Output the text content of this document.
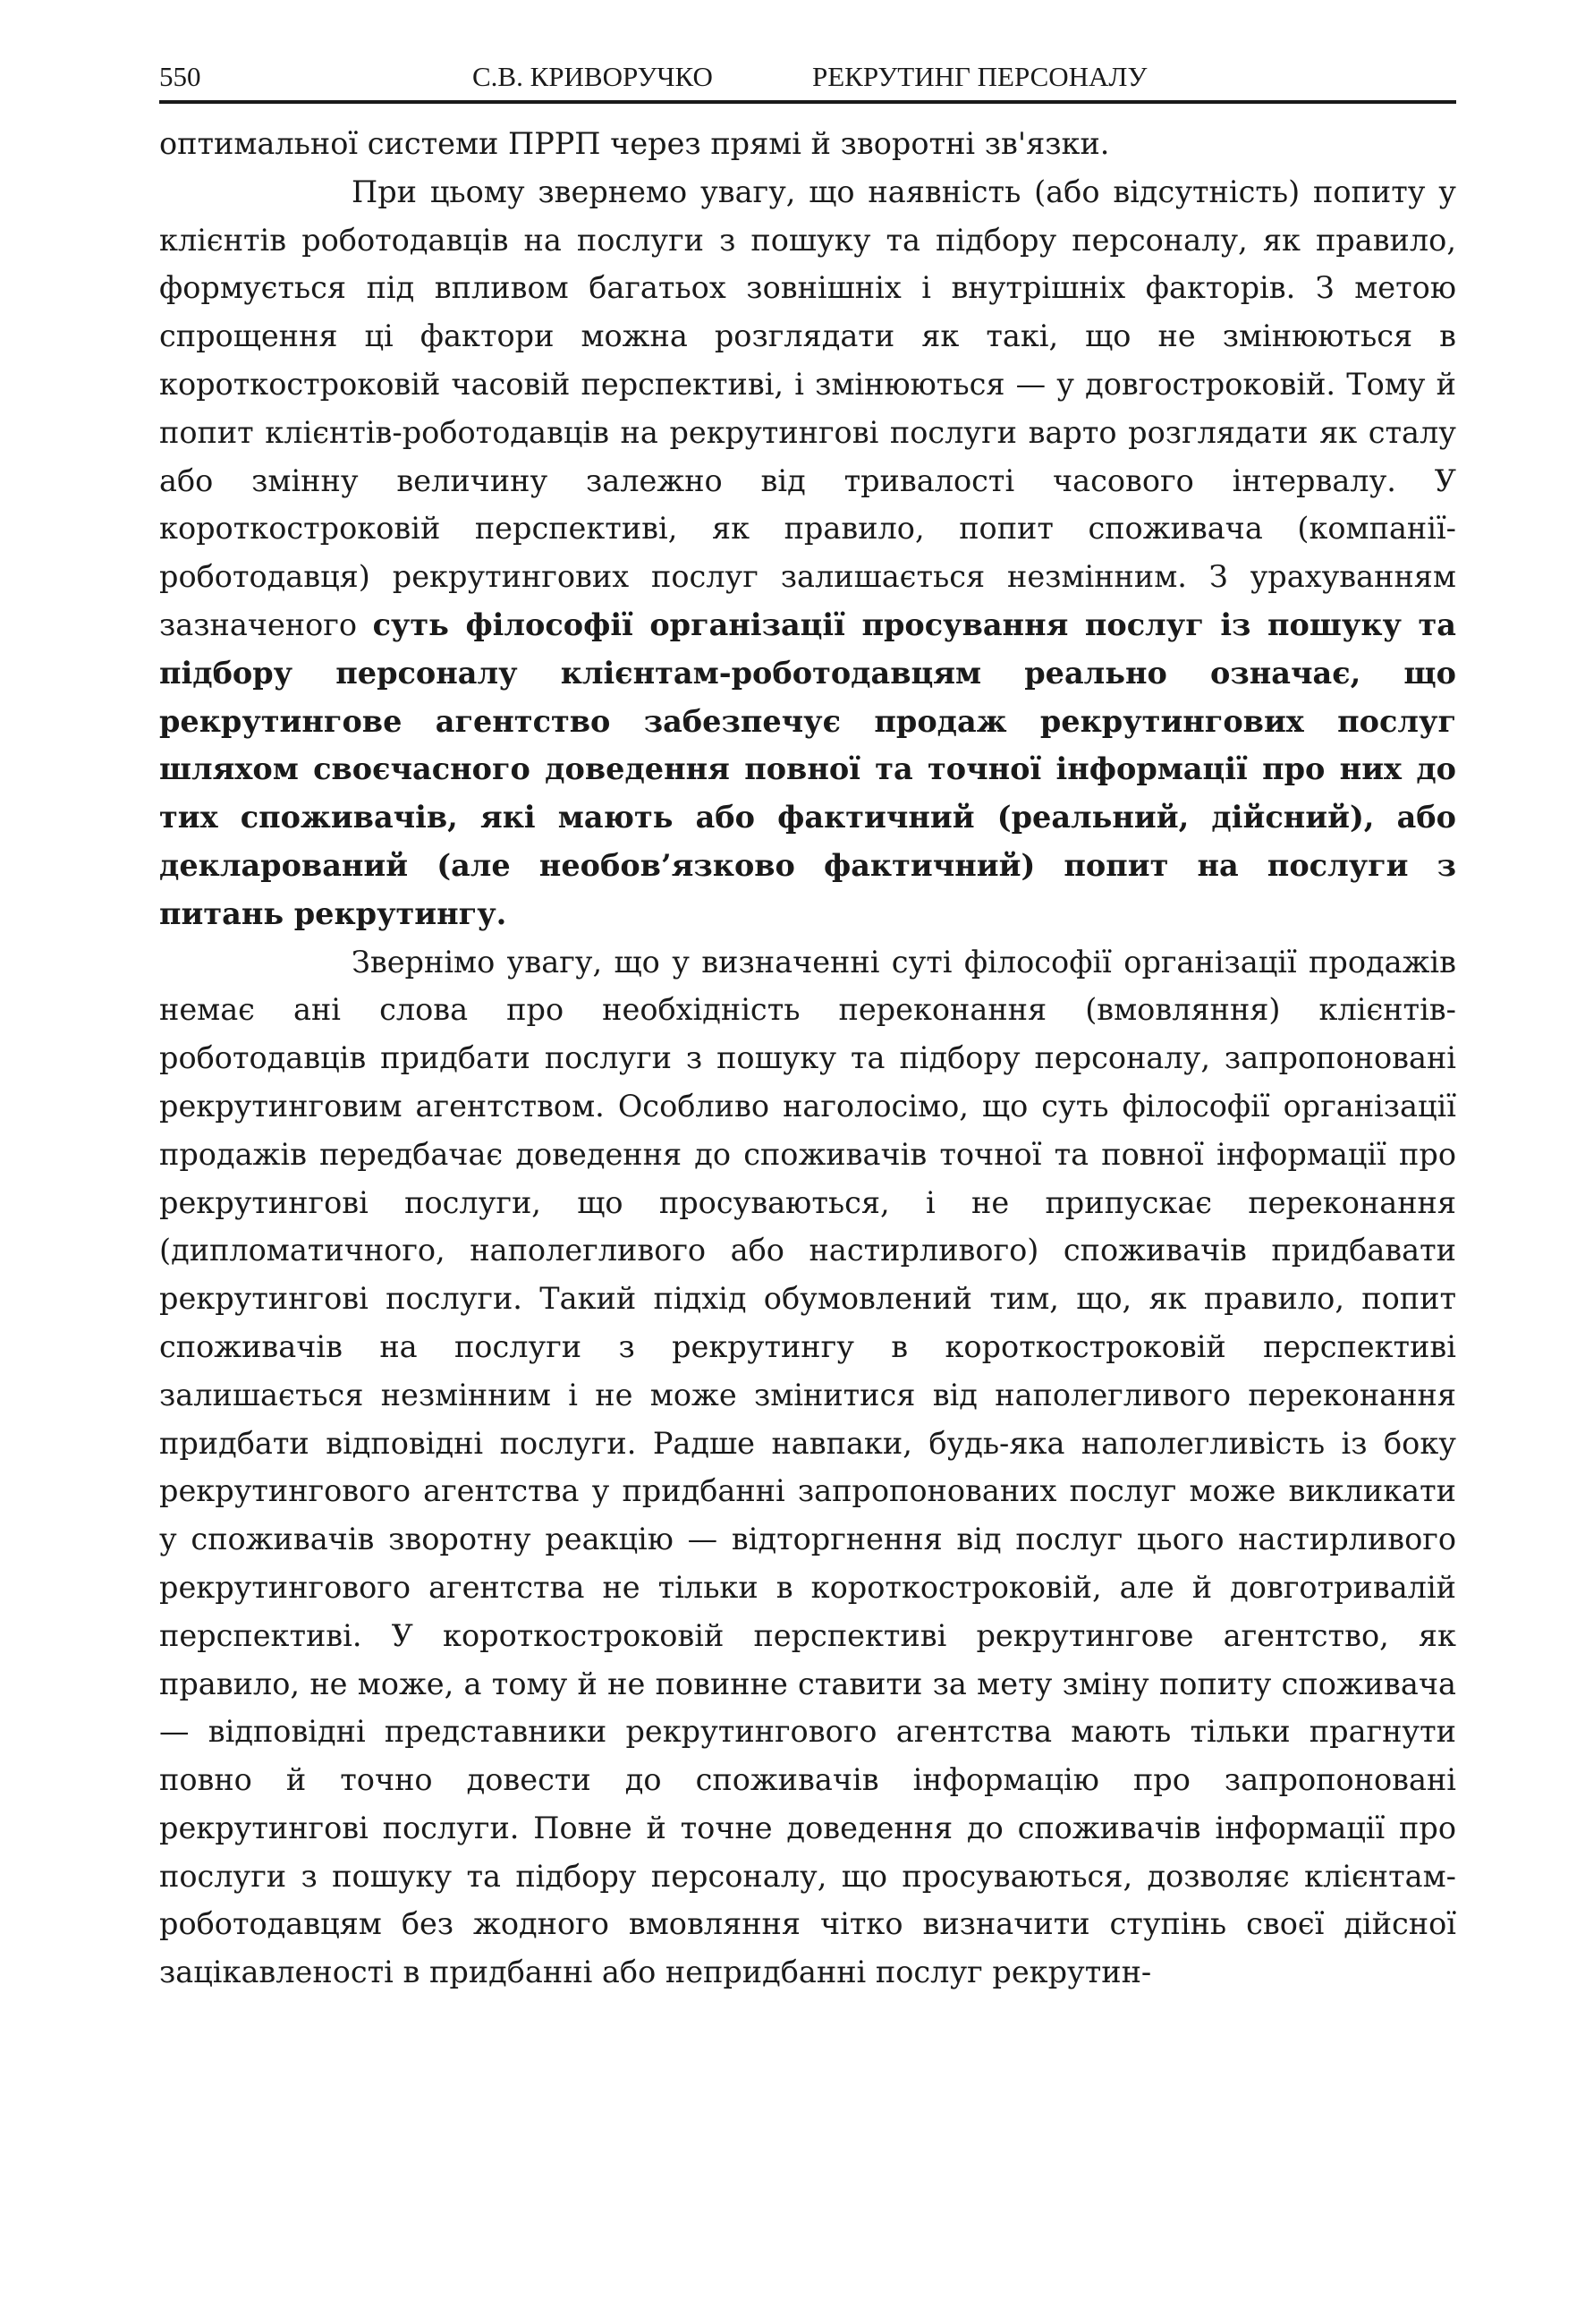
550	С.В. КРИВОРУЧКО	РЕКРУТИНГ ПЕРСОНАЛУ

оптимальної системи ПРРП через прямі й зворотні зв'язки.

При цьому звернемо увагу, що наявність (або відсутність) попиту у клієнтів роботодавців на послуги з пошуку та підбору персоналу, як правило, формується під впливом багатьох зовнішніх і внутрішніх факторів. З метою спрощення ці фактори можна розглядати як такі, що не змінюються в короткостроковій часовій перспективі, і змінюються — у довгостроковій. Тому й попит клієнтів-роботодавців на рекрутингові послуги варто розглядати як сталу або змінну величину залежно від тривалості часового інтервалу. У короткостроковій перспективі, як правило, попит споживача (компанії-роботодавця) рекрутингових послуг залишається незмінним. З урахуванням зазначеного суть філософії організації просування послуг із пошуку та підбору персоналу клієнтам-роботодавцям реально означає, що рекрутингове агентство забезпечує продаж рекрутингових послуг шляхом своєчасного доведення повної та точної інформації про них до тих споживачів, які мають або фактичний (реальний, дійсний), або декларований (але необов’язково фактичний) попит на послуги з питань рекрутингу.

Звернімо увагу, що у визначенні суті філософії організації продажів немає ані слова про необхідність переконання (вмовляння) клієнтів-роботодавців придбати послуги з пошуку та підбору персоналу, запропоновані рекрутинговим агентством. Особливо наголосімо, що суть філософії організації продажів передбачає доведення до споживачів точної та повної інформації про рекрутингові послуги, що просуваються, і не припускає переконання (дипломатичного, наполегливого або настирливого) споживачів придбавати рекрутингові послуги. Такий підхід обумовлений тим, що, як правило, попит споживачів на послуги з рекрутингу в короткостроковій перспективі залишається незмінним і не може змінитися від наполегливого переконання придбати відповідні послуги. Радше навпаки, будь-яка наполегливість із боку рекрутингового агентства у придбанні запропонованих послуг може викликати у споживачів зворотну реакцію — відторгнення від послуг цього настирливого рекрутингового агентства не тільки в короткостроковій, але й довготривалій перспективі. У короткостроковій перспективі рекрутингове агентство, як правило, не може, а тому й не повинне ставити за мету зміну попиту споживача — відповідні представники рекрутингового агентства мають тільки прагнути повно й точно довести до споживачів інформацію про запропоновані рекрутингові послуги. Повне й точне доведення до споживачів інформації про послуги з пошуку та підбору персоналу, що просуваються, дозволяє клієнтам-роботодавцям без жодного вмовляння чітко визначити ступінь своєї дійсної зацікавленості в придбанні або непридбанні послуг рекрутин-
